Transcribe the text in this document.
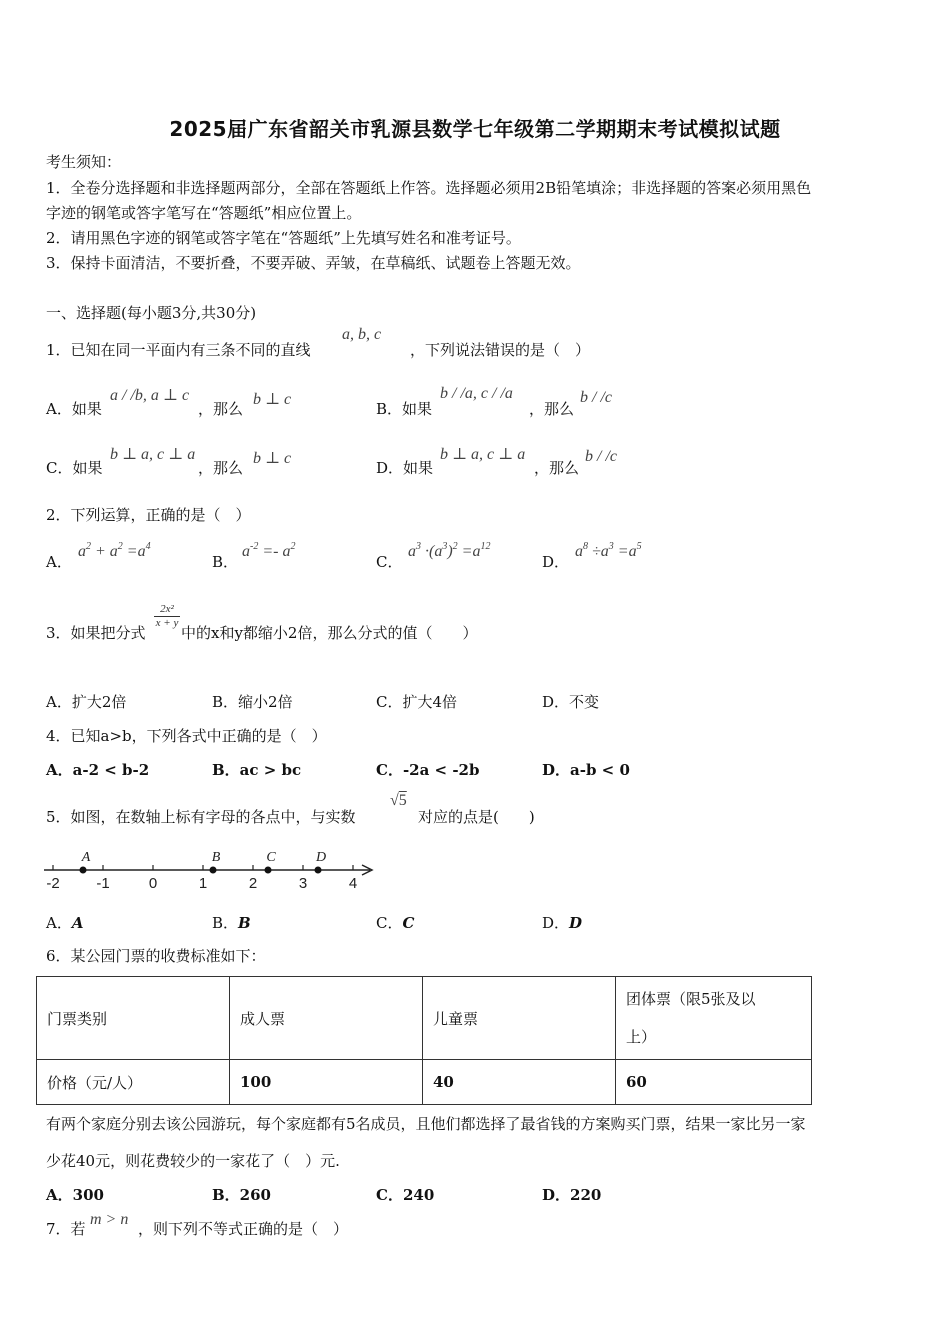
2025届广东省韶关市乳源县数学七年级第二学期期末考试模拟试题
考生须知：
1．全卷分选择题和非选择题两部分，全部在答题纸上作答。选择题必须用2B铅笔填涂；非选择题的答案必须用黑色
字迹的钢笔或答字笔写在“答题纸”相应位置上。
2．请用黑色字迹的钢笔或答字笔在“答题纸”上先填写姓名和准考证号。
3．保持卡面清洁，不要折叠，不要弄破、弄皱，在草稿纸、试题卷上答题无效。
一、选择题(每小题3分,共30分)
1．已知在同一平面内有三条不同的直线
a, b, c
，下列说法错误的是（　）
A．如果
a / /b, a ⊥ c
，那么
b ⊥ c
B．如果
b / /a, c / /a
，那么
b / /c
C．如果
b ⊥ a, c ⊥ a
，那么
b ⊥ c
D．如果
b ⊥ a, c ⊥ a
，那么
b / /c
2．下列运算，正确的是（　）
A．
$a^2 + a^2 =a^4$
B．
$a^{-2} =- a^2$
C．
$a^3 \cdot(a^3)^2 =a^{12}$
D．
$a^8 \div a^3 =a^5$
3．如果把分式
$\frac{\text{2x²}}{x + y}$
中的x和y都缩小2倍，那么分式的值（　　）
A．扩大2倍	B．缩小2倍	C．扩大4倍	D．不变
4．已知a>b，下列各式中正确的是（　）
A．a-2 < b-2	B．ac > bc	C．-2a < -2b	D．a-b < 0
5．如图，在数轴上标有字母的各点中，与实数
√5
对应的点是(　　)
-2 -1	0	1	2	3	4
A	B	C	D
A．A	B．B	C．C	D．D
6．某公园门票的收费标准如下：
门票类别	成人票	儿童票	团体票（限5张及以
上）

价格（元/人）	100	40	60
有两个家庭分别去该公园游玩，每个家庭都有5名成员，且他们都选择了最省钱的方案购买门票，结果一家比另一家
少花40元，则花费较少的一家花了（　）元.
A．300	B．260	C．240	D．220
7．若
m > n
，则下列不等式正确的是（　）
